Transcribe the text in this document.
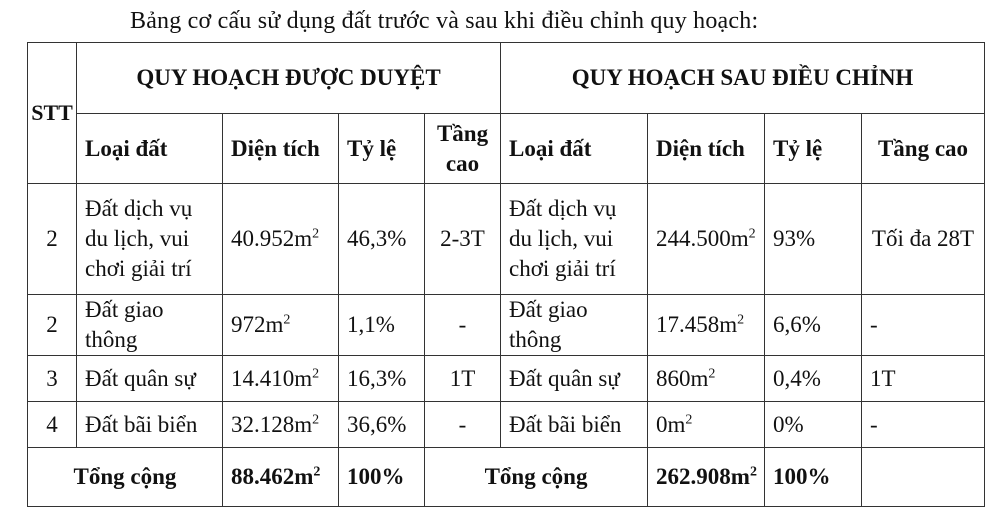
Bảng cơ cấu sử dụng đất trước và sau khi điều chỉnh quy hoạch:
STT	QUY HOẠCH ĐƯỢC DUYỆT				QUY HOẠCH SAU ĐIỀU CHỈNH			
	Loại đất	Diện tích	Tỷ lệ	Tầng cao	Loại đất	Diện tích	Tỷ lệ	Tầng cao
2	Đất dịch vụ du lịch, vui chơi giải trí	$40.952m^2$	46,3%	2-3T	Đất dịch vụ du lịch, vui chơi giải trí	$244.500m^2$	93%	Tối đa 28T
2	Đất giao thông	$972m^2$	1,1%	-	Đất giao thông	$17.458m^2$	6,6%	-
3	Đất quân sự	$14.410m^2$	16,3%	1T	Đất quân sự	$860m^2$	0,4%	1T
4	Đất bãi biển	$32.128m^2$	36,6%	-	Đất bãi biển	$0m^2$	0%	-
Tổng cộng		$88.462m^2$	100%	Tổng cộng		$262.908m^2$	100%	
